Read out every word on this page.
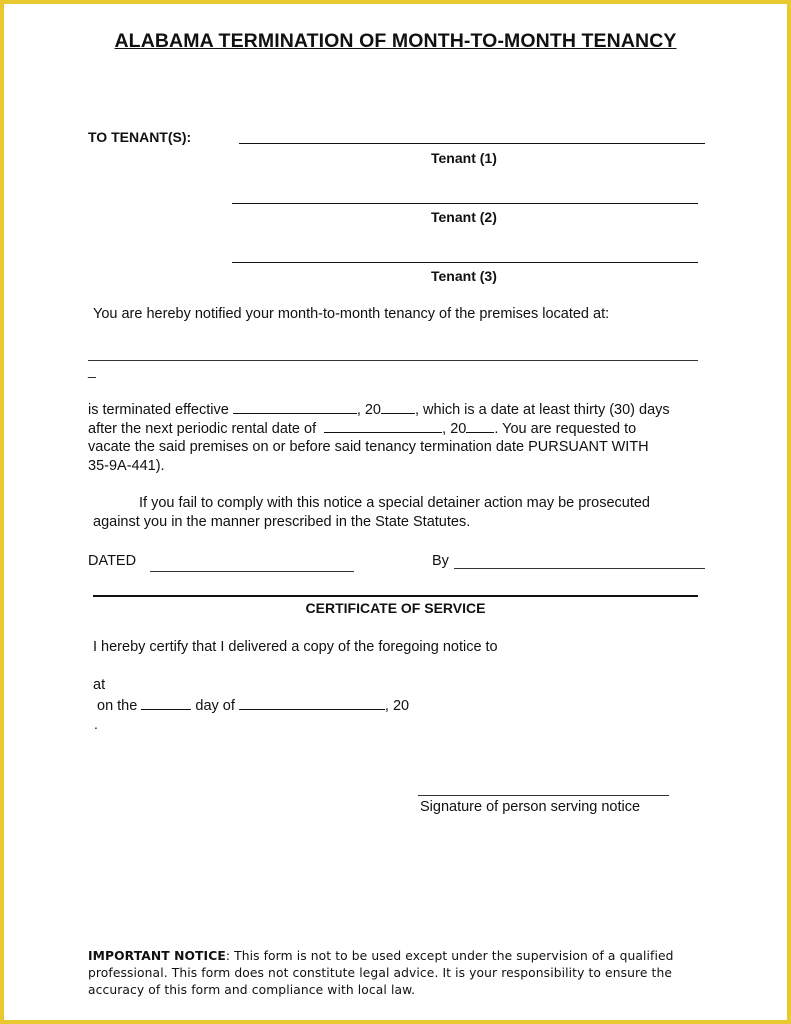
ALABAMA TERMINATION OF MONTH-TO-MONTH TENANCY
TO TENANT(S):
Tenant (1)
Tenant (2)
Tenant (3)
You are hereby notified your month-to-month tenancy of the premises located at:
_
is terminated effective	, 20 , which is a date at least thirty (30) days
after the next periodic rental date of	, 20 . You are requested to
vacate the said premises on or before said tenancy termination date PURSUANT WITH
35-9A-441).
If you fail to comply with this notice a special detainer action may be prosecuted
against you in the manner prescribed in the State Statutes.
DATED	By
CERTIFICATE OF SERVICE
I hereby certify that I delivered a copy of the foregoing notice to
at
on the	day of	, 20
.
Signature of person serving notice
IMPORTANT NOTICE: This form is not to be used except under the supervision of a qualified professional. This form does not constitute legal advice. It is your responsibility to ensure the accuracy of this form and compliance with local law.
